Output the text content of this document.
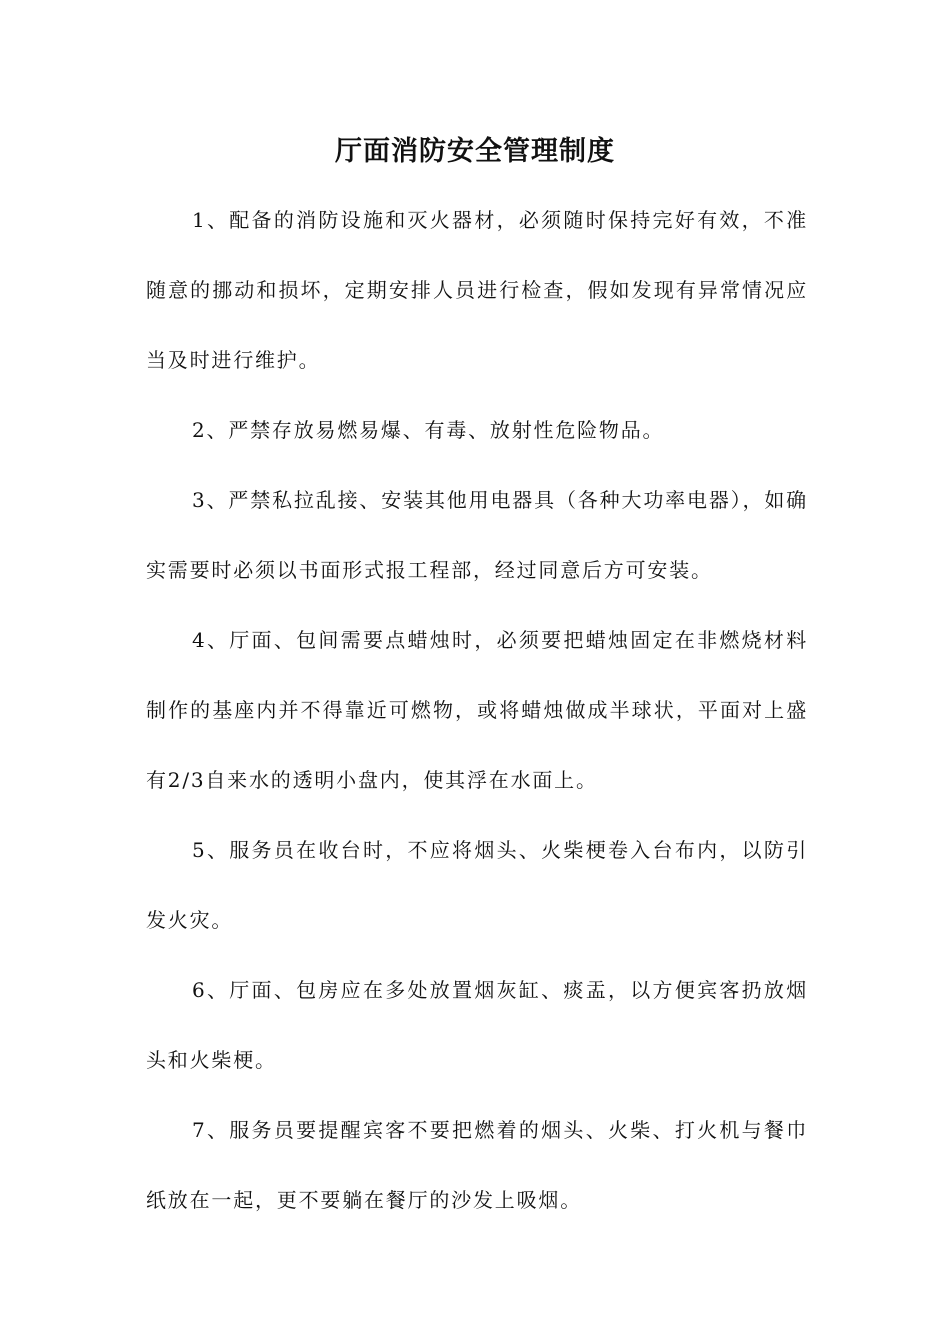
厅面消防安全管理制度

1、配备的消防设施和灭火器材，必须随时保持完好有效，不准随意的挪动和损坏，定期安排人员进行检查，假如发现有异常情况应当及时进行维护。

2、严禁存放易燃易爆、有毒、放射性危险物品。

3、严禁私拉乱接、安装其他用电器具（各种大功率电器），如确实需要时必须以书面形式报工程部，经过同意后方可安装。

4、厅面、包间需要点蜡烛时，必须要把蜡烛固定在非燃烧材料制作的基座内并不得靠近可燃物，或将蜡烛做成半球状，平面对上盛有2/3自来水的透明小盘内，使其浮在水面上。

5、服务员在收台时，不应将烟头、火柴梗卷入台布内，以防引发火灾。

6、厅面、包房应在多处放置烟灰缸、痰盂，以方便宾客扔放烟头和火柴梗。

7、服务员要提醒宾客不要把燃着的烟头、火柴、打火机与餐巾纸放在一起，更不要躺在餐厅的沙发上吸烟。
